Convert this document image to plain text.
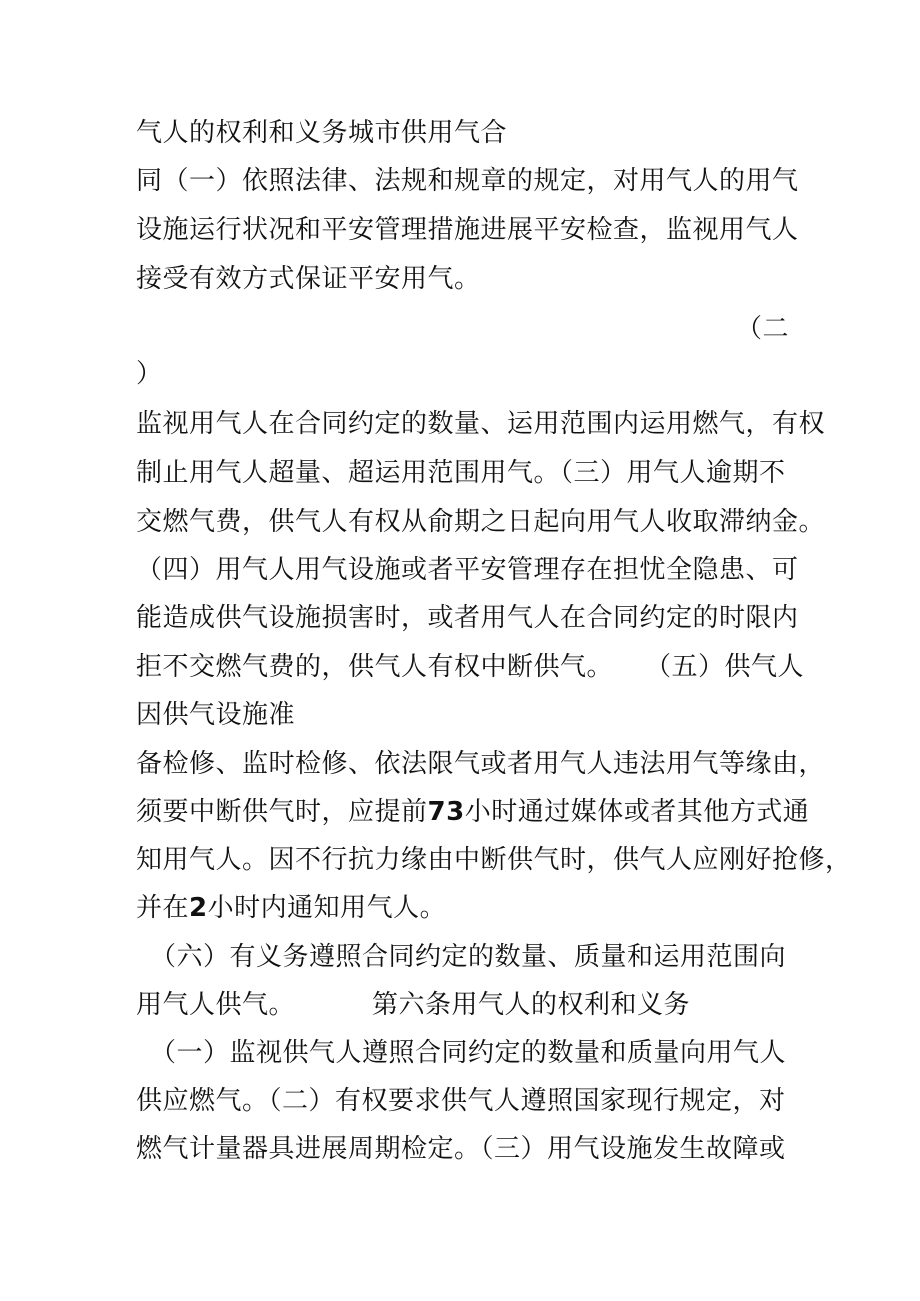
气人的权利和义务城市供用气合
同（一）依照法律、法规和规章的规定，对用气人的用气
设施运行状况和平安管理措施进展平安检查，监视用气人
接受有效方式保证平安用气。
（二
）
监视用气人在合同约定的数量、运用范围内运用燃气，有权
制止用气人超量、超运用范围用气。（三）用气人逾期不
交燃气费，供气人有权从俞期之日起向用气人收取滞纳金。
（四）用气人用气设施或者平安管理存在担忧全隐患、可
能造成供气设施损害时，或者用气人在合同约定的时限内
拒不交燃气费的，供气人有权中断供气。 （五）供气人
因供气设施准
备检修、监时检修、依法限气或者用气人违法用气等缘由，
须要中断供气时，应提前73小时通过媒体或者其他方式通
知用气人。因不行抗力缘由中断供气时，供气人应刚好抢修，
并在2小时内通知用气人。
（六）有义务遵照合同约定的数量、质量和运用范围向
用气人供气。	第六条用气人的权利和义务
（一）监视供气人遵照合同约定的数量和质量向用气人
供应燃气。（二）有权要求供气人遵照国家现行规定，对
燃气计量器具进展周期检定。（三）用气设施发生故障或
